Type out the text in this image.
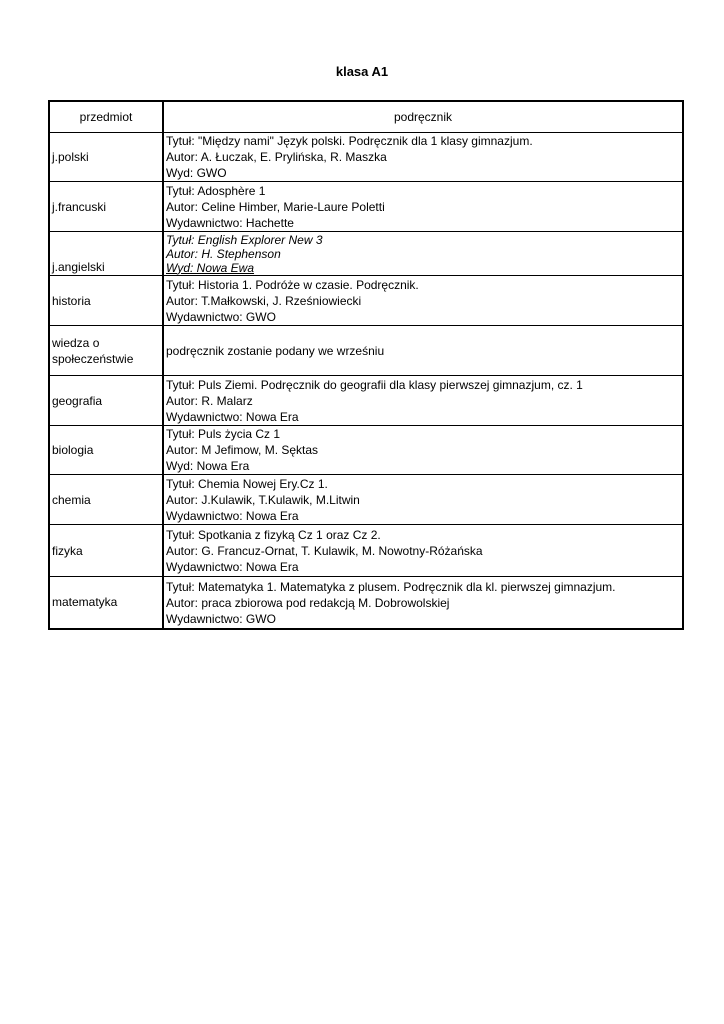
klasa A1
przedmiot	podręcznik
j.polski	Tytuł: "Między nami" Język polski. Podręcznik dla 1 klasy gimnazjum.
Autor: A. Łuczak, E. Prylińska, R. Maszka
Wyd: GWO

j.francuski	Tytuł: Adosphère 1
Autor: Celine Himber, Marie-Laure Poletti
Wydawnictwo: Hachette

j.angielski	Tytuł: English Explorer New 3
Autor: H. Stephenson
Wyd: Nowa Ewa

historia	Tytuł: Historia 1. Podróże w czasie. Podręcznik.
Autor: T.Małkowski, J. Rześniowiecki
Wydawnictwo: GWO

wiedza o
społeczeństwie	podręcznik zostanie podany we wrześniu

geografia	Tytuł: Puls Ziemi. Podręcznik do geografii dla klasy pierwszej gimnazjum, cz. 1
Autor: R. Malarz
Wydawnictwo: Nowa Era

biologia	Tytuł: Puls życia Cz 1
Autor: M Jefimow, M. Sęktas
Wyd: Nowa Era

chemia	Tytuł: Chemia Nowej Ery.Cz 1.
Autor: J.Kulawik, T.Kulawik, M.Litwin
Wydawnictwo: Nowa Era

fizyka	Tytuł: Spotkania z fizyką Cz 1 oraz Cz 2.
Autor: G. Francuz-Ornat, T. Kulawik, M. Nowotny-Różańska
Wydawnictwo: Nowa Era

matematyka	Tytuł: Matematyka 1. Matematyka z plusem. Podręcznik dla kl. pierwszej gimnazjum.
Autor: praca zbiorowa pod redakcją M. Dobrowolskiej
Wydawnictwo: GWO
